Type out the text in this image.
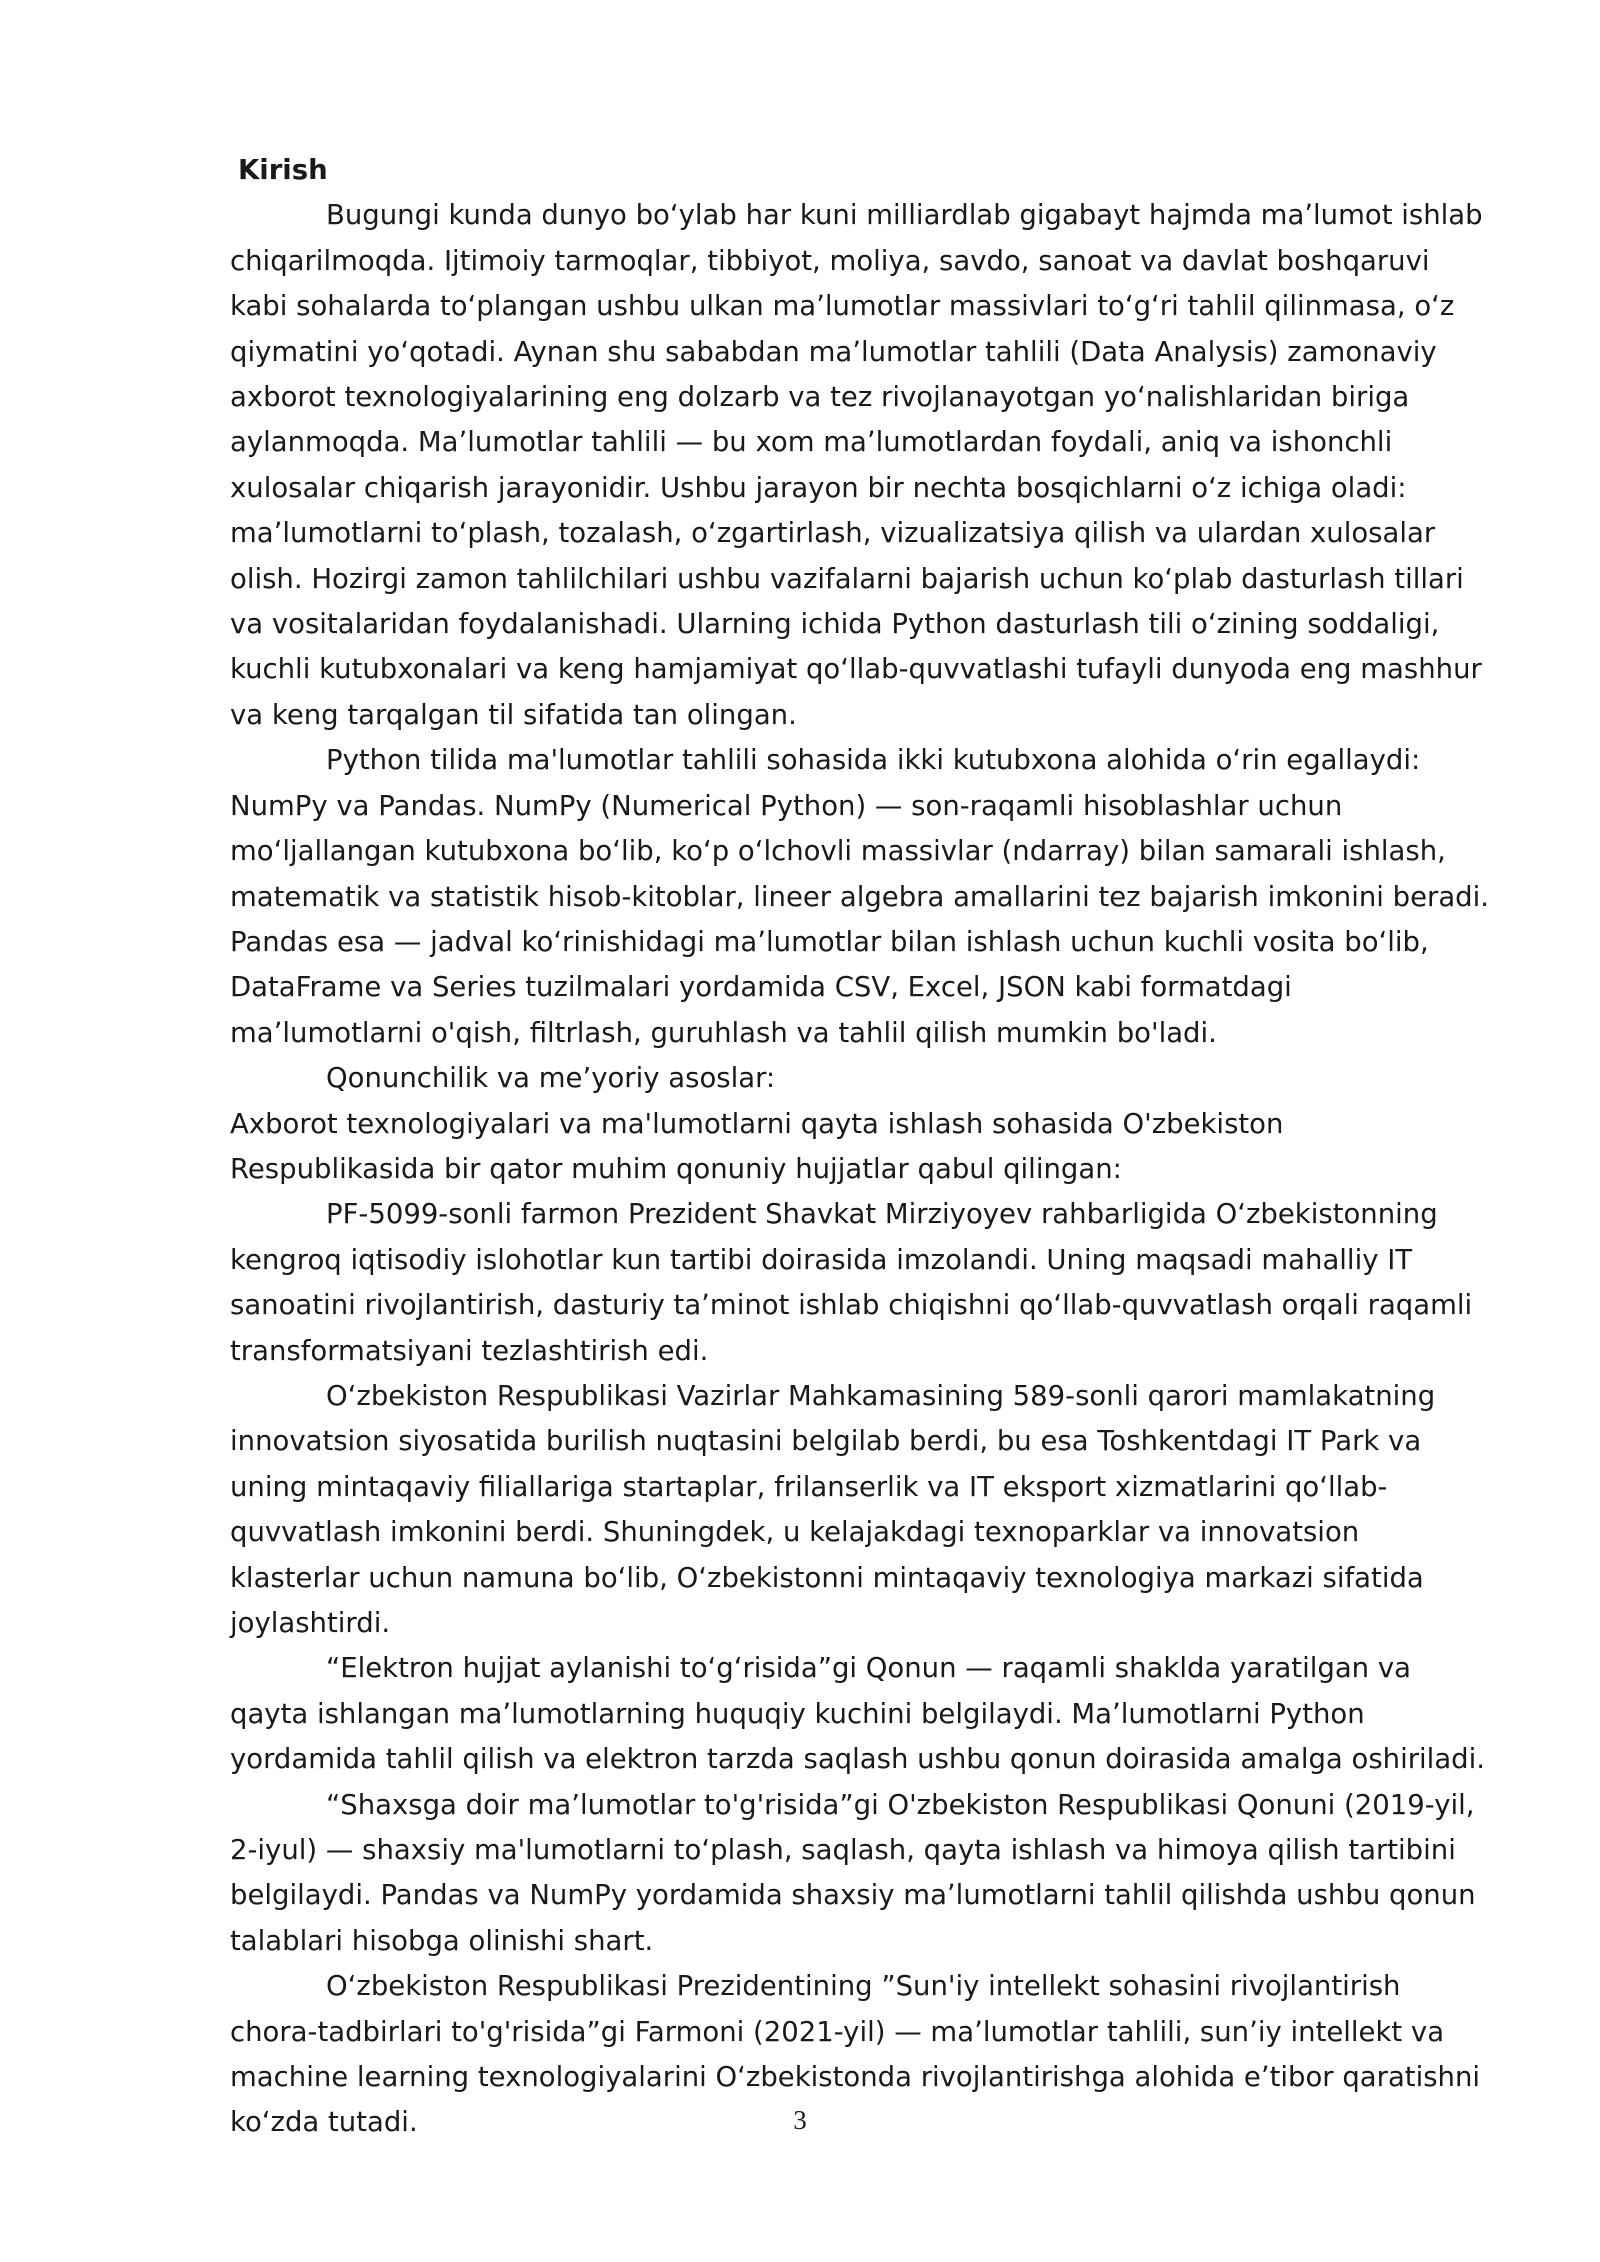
Kirish

Bugungi kunda dunyo boʻylab har kuni milliardlab gigabayt hajmda maʼlumot ishlab chiqarilmoqda. Ijtimoiy tarmoqlar, tibbiyot, moliya, savdo, sanoat va davlat boshqaruvi kabi sohalarda toʻplangan ushbu ulkan maʼlumotlar massivlari toʻgʻri tahlil qilinmasa, oʻz qiymatini yoʻqotadi. Aynan shu sababdan maʼlumotlar tahlili (Data Analysis) zamonaviy axborot texnologiyalarining eng dolzarb va tez rivojlanayotgan yoʻnalishlaridan biriga aylanmoqda. Maʼlumotlar tahlili — bu xom maʼlumotlardan foydali, aniq va ishonchli xulosalar chiqarish jarayonidir. Ushbu jarayon bir nechta bosqichlarni oʻz ichiga oladi: maʼlumotlarni toʻplash, tozalash, oʻzgartirlash, vizualizatsiya qilish va ulardan xulosalar olish. Hozirgi zamon tahlilchilari ushbu vazifalarni bajarish uchun koʻplab dasturlash tillari va vositalaridan foydalanishadi. Ularning ichida Python dasturlash tili oʻzining soddaligi, kuchli kutubxonalari va keng hamjamiyat qoʻllab-quvvatlashi tufayli dunyoda eng mashhur va keng tarqalgan til sifatida tan olingan.

Python tilida ma'lumotlar tahlili sohasida ikki kutubxona alohida oʻrin egallaydi: NumPy va Pandas. NumPy (Numerical Python) — son-raqamli hisoblashlar uchun moʻljallangan kutubxona boʻlib, koʻp oʻlchovli massivlar (ndarray) bilan samarali ishlash, matematik va statistik hisob-kitoblar, lineer algebra amallarini tez bajarish imkonini beradi. Pandas esa — jadval koʻrinishidagi maʼlumotlar bilan ishlash uchun kuchli vosita boʻlib, DataFrame va Series tuzilmalari yordamida CSV, Excel, JSON kabi formatdagi maʼlumotlarni o'qish, filtrlash, guruhlash va tahlil qilish mumkin bo'ladi.

Qonunchilik va me’yoriy asoslar:

Axborot texnologiyalari va ma'lumotlarni qayta ishlash sohasida O'zbekiston Respublikasida bir qator muhim qonuniy hujjatlar qabul qilingan:

PF-5099-sonli farmon Prezident Shavkat Mirziyoyev rahbarligida Oʻzbekistonning kengroq iqtisodiy islohotlar kun tartibi doirasida imzolandi. Uning maqsadi mahalliy IT sanoatini rivojlantirish, dasturiy taʼminot ishlab chiqishni qoʻllab-quvvatlash orqali raqamli transformatsiyani tezlashtirish edi.

Oʻzbekiston Respublikasi Vazirlar Mahkamasining 589-sonli qarori mamlakatning innovatsion siyosatida burilish nuqtasini belgilab berdi, bu esa Toshkentdagi IT Park va uning mintaqaviy filiallariga startaplar, frilanserlik va IT eksport xizmatlarini qoʻllab-quvvatlash imkonini berdi. Shuningdek, u kelajakdagi texnoparklar va innovatsion klasterlar uchun namuna boʻlib, Oʻzbekistonni mintaqaviy texnologiya markazi sifatida joylashtirdi.

“Elektron hujjat aylanishi toʻgʻrisida”gi Qonun — raqamli shaklda yaratilgan va qayta ishlangan maʼlumotlarning huquqiy kuchini belgilaydi. Maʼlumotlarni Python yordamida tahlil qilish va elektron tarzda saqlash ushbu qonun doirasida amalga oshiriladi.

“Shaxsga doir ma’lumotlar to'g'risida”gi O'zbekiston Respublikasi Qonuni (2019-yil, 2-iyul) — shaxsiy ma'lumotlarni toʻplash, saqlash, qayta ishlash va himoya qilish tartibini belgilaydi. Pandas va NumPy yordamida shaxsiy maʼlumotlarni tahlil qilishda ushbu qonun talablari hisobga olinishi shart.

Oʻzbekiston Respublikasi Prezidentining ”Sun'iy intellekt sohasini rivojlantirish chora-tadbirlari to'g'risida”gi Farmoni (2021-yil) — maʼlumotlar tahlili, sunʼiy intellekt va machine learning texnologiyalarini Oʻzbekistonda rivojlantirishga alohida eʼtibor qaratishni koʻzda tutadi.	3
